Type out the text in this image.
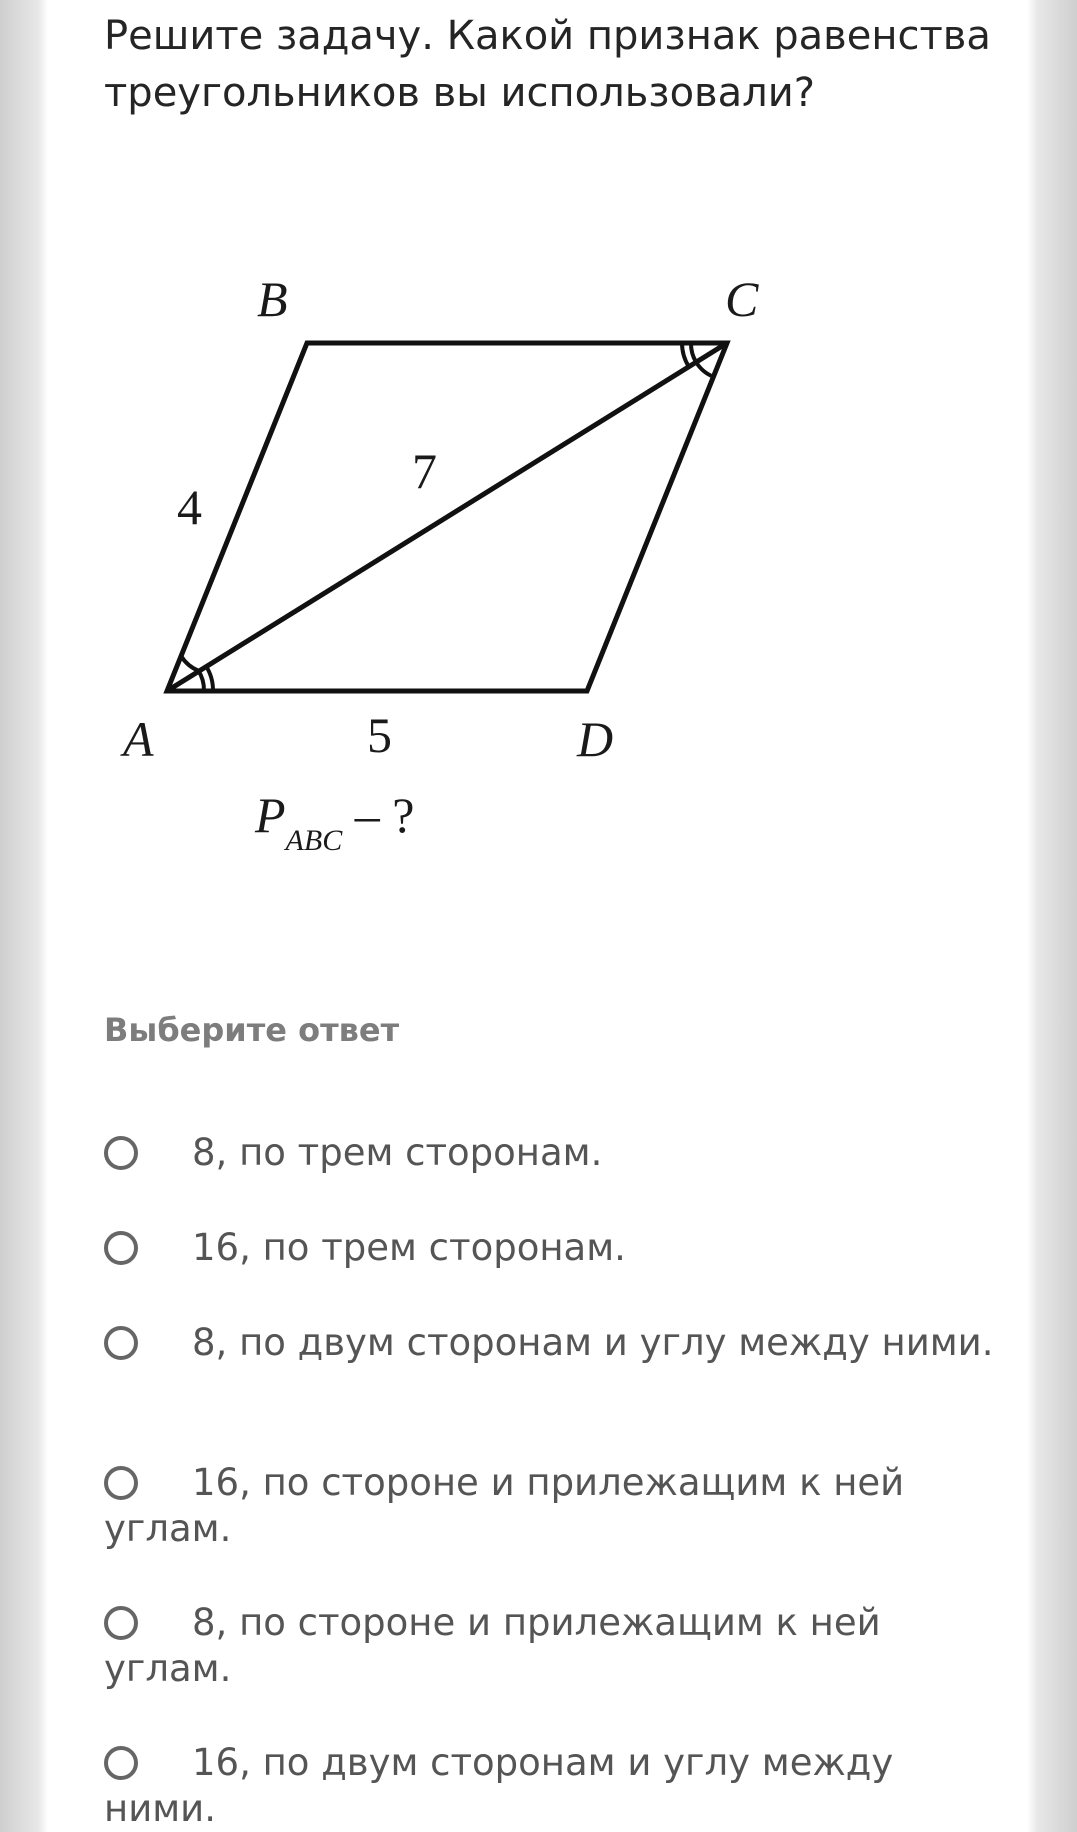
Решите задачу. Какой признак равенства треугольников вы использовали?

B	C
A	D
4
7
5
$P_{ABC}$ – ?

Выберите ответ

8, по трем сторонам.
16, по трем сторонам.
8, по двум сторонам и углу между ними.
16, по стороне и прилежащим к ней углам.
8, по стороне и прилежащим к ней углам.
16, по двум сторонам и углу между ними.
